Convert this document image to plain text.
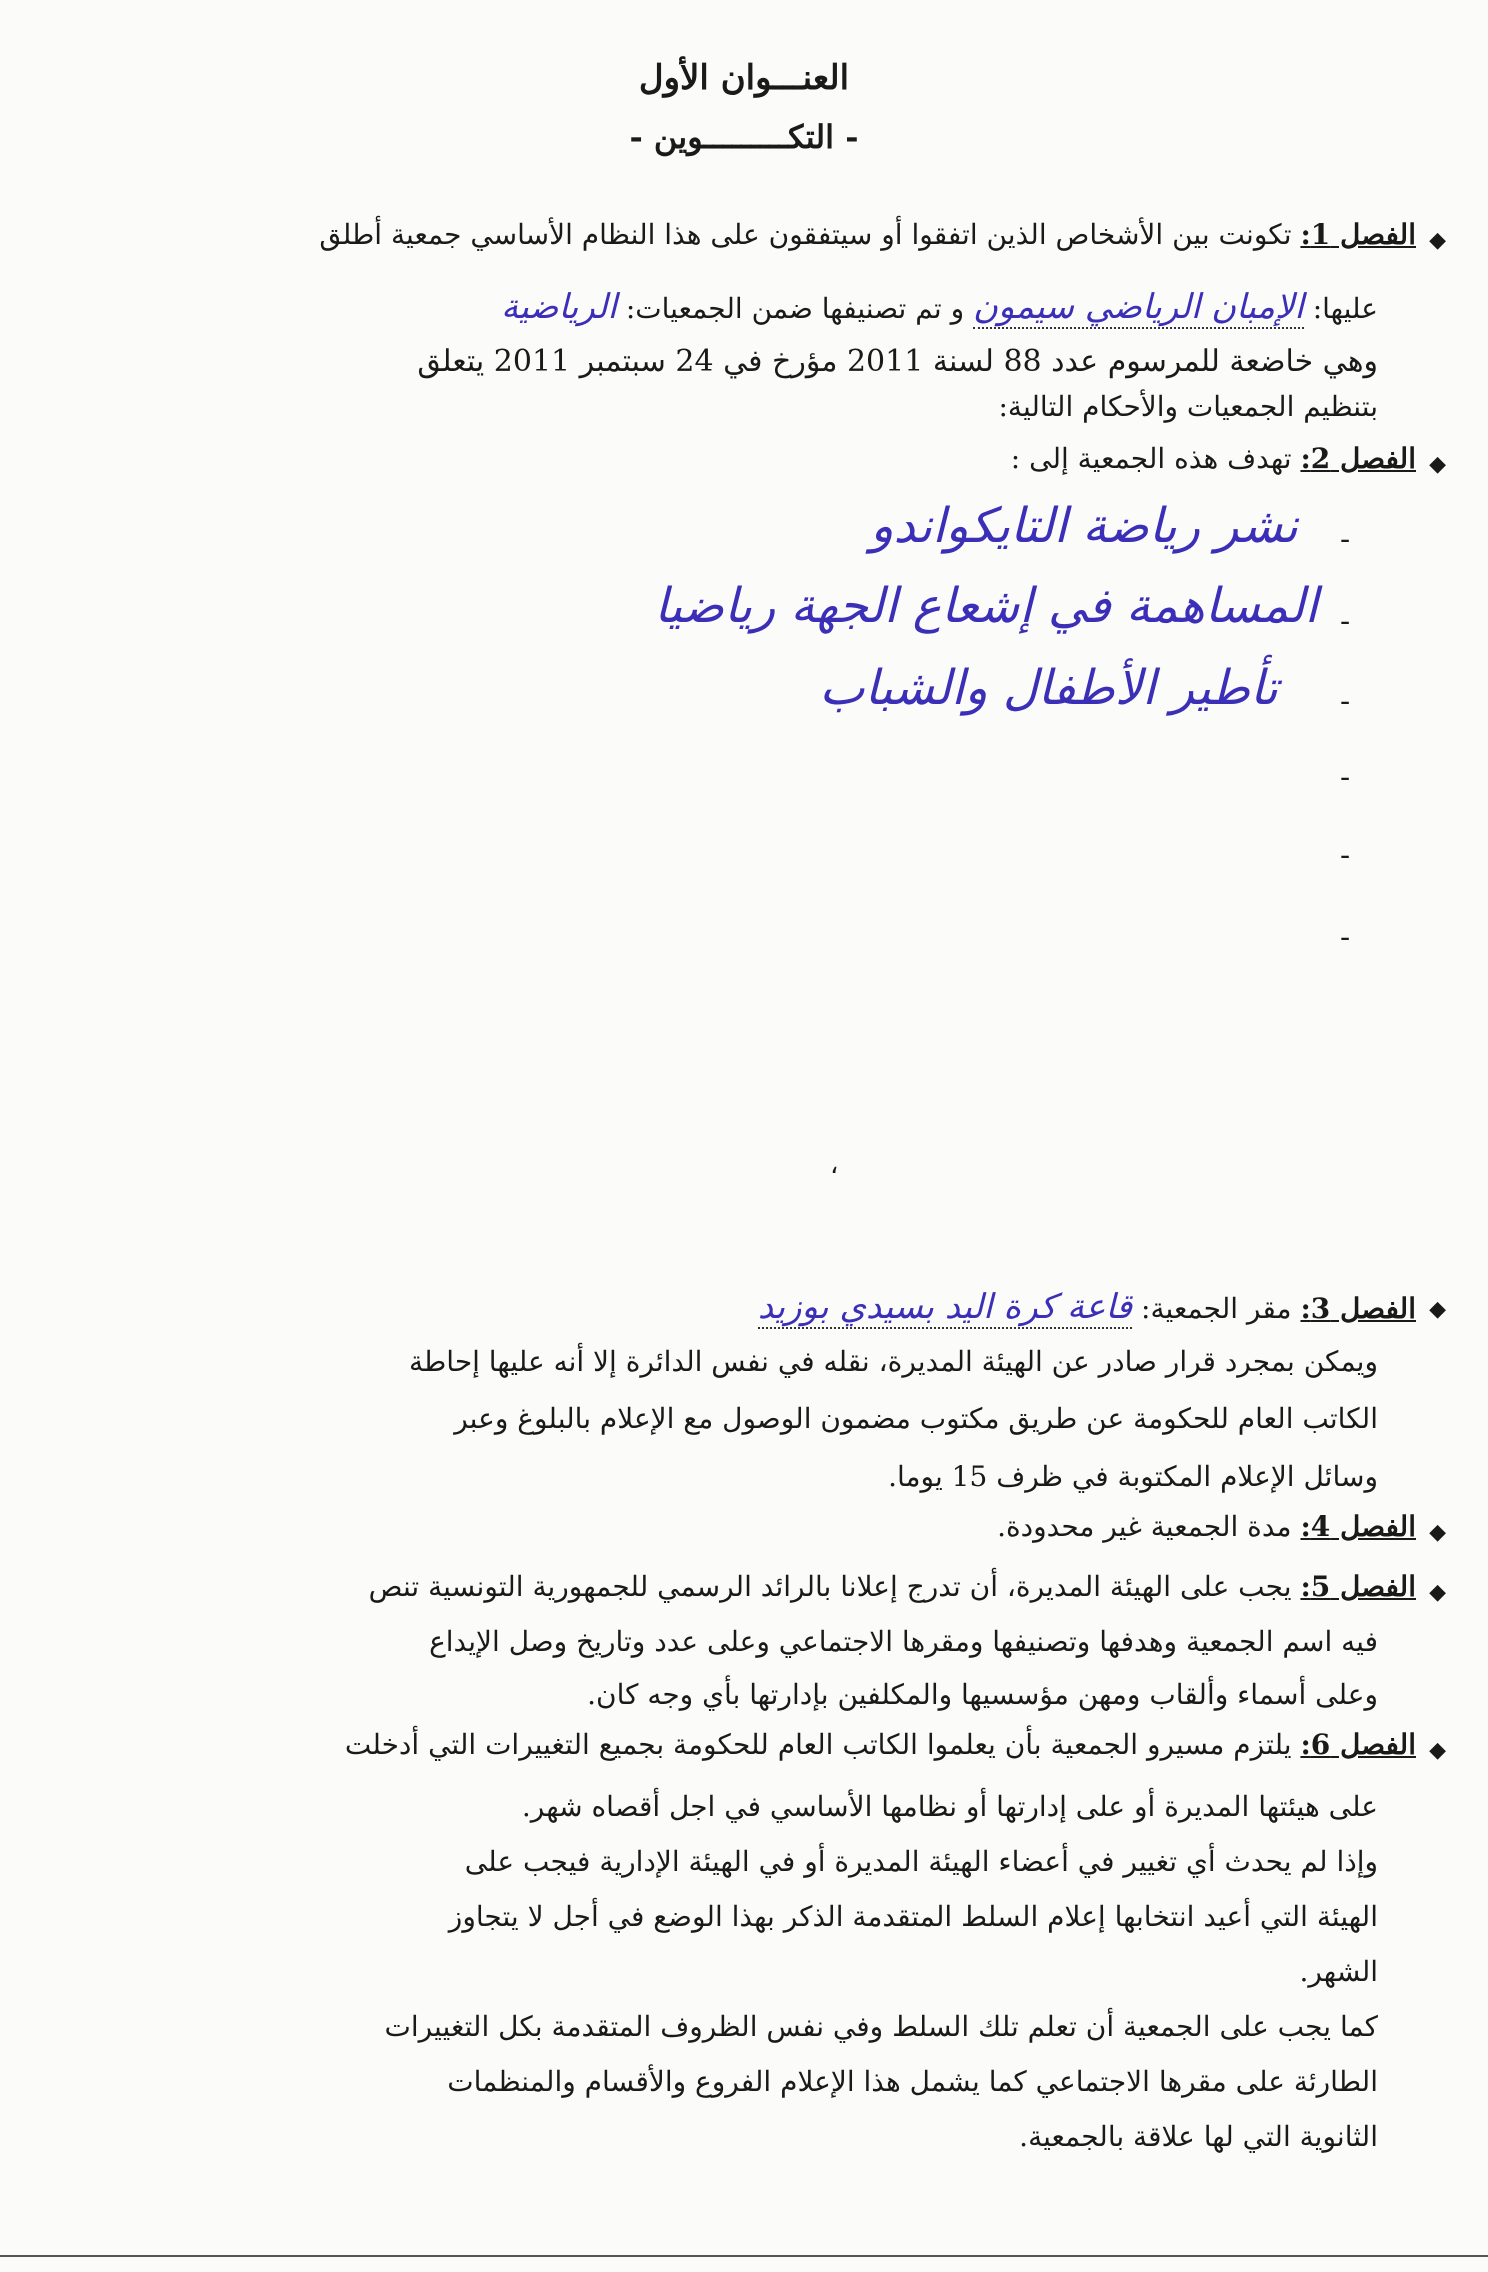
العنـــوان الأول
- التكـــــــــوين -
◆
الفصل 1: تكونت بين الأشخاص الذين اتفقوا أو سيتفقون على هذا النظام الأساسي جمعية أطلق
عليها: الإمبان الرياضي سيمون و تم تصنيفها ضمن الجمعيات: الرياضية
وهي خاضعة للمرسوم عدد 88 لسنة 2011 مؤرخ في 24 سبتمبر 2011 يتعلق
بتنظيم الجمعيات والأحكام التالية:
◆
الفصل 2: تهدف هذه الجمعية إلى :
-
نشر رياضة التايكواندو
-
المساهمة في إشعاع الجهة رياضيا
-
تأطير الأطفال والشباب
-
-
-
،
◆
الفصل 3: مقر الجمعية: قاعة كرة اليد بسيدي بوزيد
ويمكن بمجرد قرار صادر عن الهيئة المديرة، نقله في نفس الدائرة إلا أنه عليها إحاطة
الكاتب العام للحكومة عن طريق مكتوب مضمون الوصول مع الإعلام بالبلوغ وعبر
وسائل الإعلام المكتوبة في ظرف 15 يوما.
◆
الفصل 4: مدة الجمعية غير محدودة.
◆
الفصل 5: يجب على الهيئة المديرة، أن تدرج إعلانا بالرائد الرسمي للجمهورية التونسية تنص
فيه اسم الجمعية وهدفها وتصنيفها ومقرها الاجتماعي وعلى عدد وتاريخ وصل الإيداع
وعلى أسماء وألقاب ومهن مؤسسيها والمكلفين بإدارتها بأي وجه كان.
◆
الفصل 6: يلتزم مسيرو الجمعية بأن يعلموا الكاتب العام للحكومة بجميع التغييرات التي أدخلت
على هيئتها المديرة أو على إدارتها أو نظامها الأساسي في اجل أقصاه شهر.
وإذا لم يحدث أي تغيير في أعضاء الهيئة المديرة أو في الهيئة الإدارية فيجب على
الهيئة التي أعيد انتخابها إعلام السلط المتقدمة الذكر بهذا الوضع في أجل لا يتجاوز
الشهر.
كما يجب على الجمعية أن تعلم تلك السلط وفي نفس الظروف المتقدمة بكل التغييرات
الطارئة على مقرها الاجتماعي كما يشمل هذا الإعلام الفروع والأقسام والمنظمات
الثانوية التي لها علاقة بالجمعية.
